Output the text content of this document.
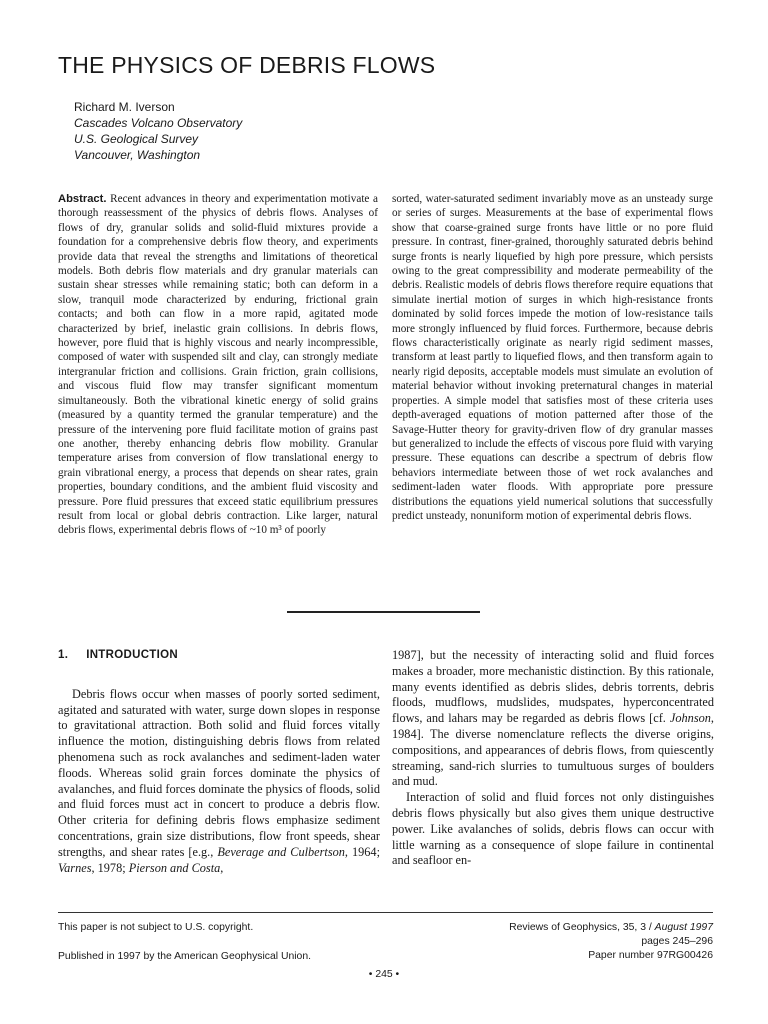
THE PHYSICS OF DEBRIS FLOWS
Richard M. Iverson
Cascades Volcano Observatory
U.S. Geological Survey
Vancouver, Washington

Abstract. Recent advances in theory and experimentation motivate a thorough reassessment of the physics of debris flows. Analyses of flows of dry, granular solids and solid-fluid mixtures provide a foundation for a comprehensive debris flow theory, and experiments provide data that reveal the strengths and limitations of theoretical models. Both debris flow materials and dry granular materials can sustain shear stresses while remaining static; both can deform in a slow, tranquil mode characterized by enduring, frictional grain contacts; and both can flow in a more rapid, agitated mode characterized by brief, inelastic grain collisions. In debris flows, however, pore fluid that is highly viscous and nearly incompressible, composed of water with suspended silt and clay, can strongly mediate intergranular friction and collisions. Grain friction, grain collisions, and viscous fluid flow may transfer significant momentum simultaneously. Both the vibrational kinetic energy of solid grains (measured by a quantity termed the granular temperature) and the pressure of the intervening pore fluid facilitate motion of grains past one another, thereby enhancing debris flow mobility. Granular temperature arises from conversion of flow translational energy to grain vibrational energy, a process that depends on shear rates, grain properties, boundary conditions, and the ambient fluid viscosity and pressure. Pore fluid pressures that exceed static equilibrium pressures result from local or global debris contraction. Like larger, natural debris flows, experimental debris flows of ~10 m³ of poorly

sorted, water-saturated sediment invariably move as an unsteady surge or series of surges. Measurements at the base of experimental flows show that coarse-grained surge fronts have little or no pore fluid pressure. In contrast, finer-grained, thoroughly saturated debris behind surge fronts is nearly liquefied by high pore pressure, which persists owing to the great compressibility and moderate permeability of the debris. Realistic models of debris flows therefore require equations that simulate inertial motion of surges in which high-resistance fronts dominated by solid forces impede the motion of low-resistance tails more strongly influenced by fluid forces. Furthermore, because debris flows characteristically originate as nearly rigid sediment masses, transform at least partly to liquefied flows, and then transform again to nearly rigid deposits, acceptable models must simulate an evolution of material behavior without invoking preternatural changes in material properties. A simple model that satisfies most of these criteria uses depth-averaged equations of motion patterned after those of the Savage-Hutter theory for gravity-driven flow of dry granular masses but generalized to include the effects of viscous pore fluid with varying pressure. These equations can describe a spectrum of debris flow behaviors intermediate between those of wet rock avalanches and sediment-laden water floods. With appropriate pore pressure distributions the equations yield numerical solutions that successfully predict unsteady, nonuniform motion of experimental debris flows.

1. INTRODUCTION

Debris flows occur when masses of poorly sorted sediment, agitated and saturated with water, surge down slopes in response to gravitational attraction. Both solid and fluid forces vitally influence the motion, distinguishing debris flows from related phenomena such as rock avalanches and sediment-laden water floods. Whereas solid grain forces dominate the physics of avalanches, and fluid forces dominate the physics of floods, solid and fluid forces must act in concert to produce a debris flow. Other criteria for defining debris flows emphasize sediment concentrations, grain size distributions, flow front speeds, shear strengths, and shear rates [e.g., Beverage and Culbertson, 1964; Varnes, 1978; Pierson and Costa,

1987], but the necessity of interacting solid and fluid forces makes a broader, more mechanistic distinction. By this rationale, many events identified as debris slides, debris torrents, debris floods, mudflows, mudslides, mudspates, hyperconcentrated flows, and lahars may be regarded as debris flows [cf. Johnson, 1984]. The diverse nomenclature reflects the diverse origins, compositions, and appearances of debris flows, from quiescently streaming, sand-rich slurries to tumultuous surges of boulders and mud.

Interaction of solid and fluid forces not only distinguishes debris flows physically but also gives them unique destructive power. Like avalanches of solids, debris flows can occur with little warning as a consequence of slope failure in continental and seafloor en-

This paper is not subject to U.S. copyright.
Published in 1997 by the American Geophysical Union.
Reviews of Geophysics, 35, 3 / August 1997
pages 245–296
Paper number 97RG00426
• 245 •
